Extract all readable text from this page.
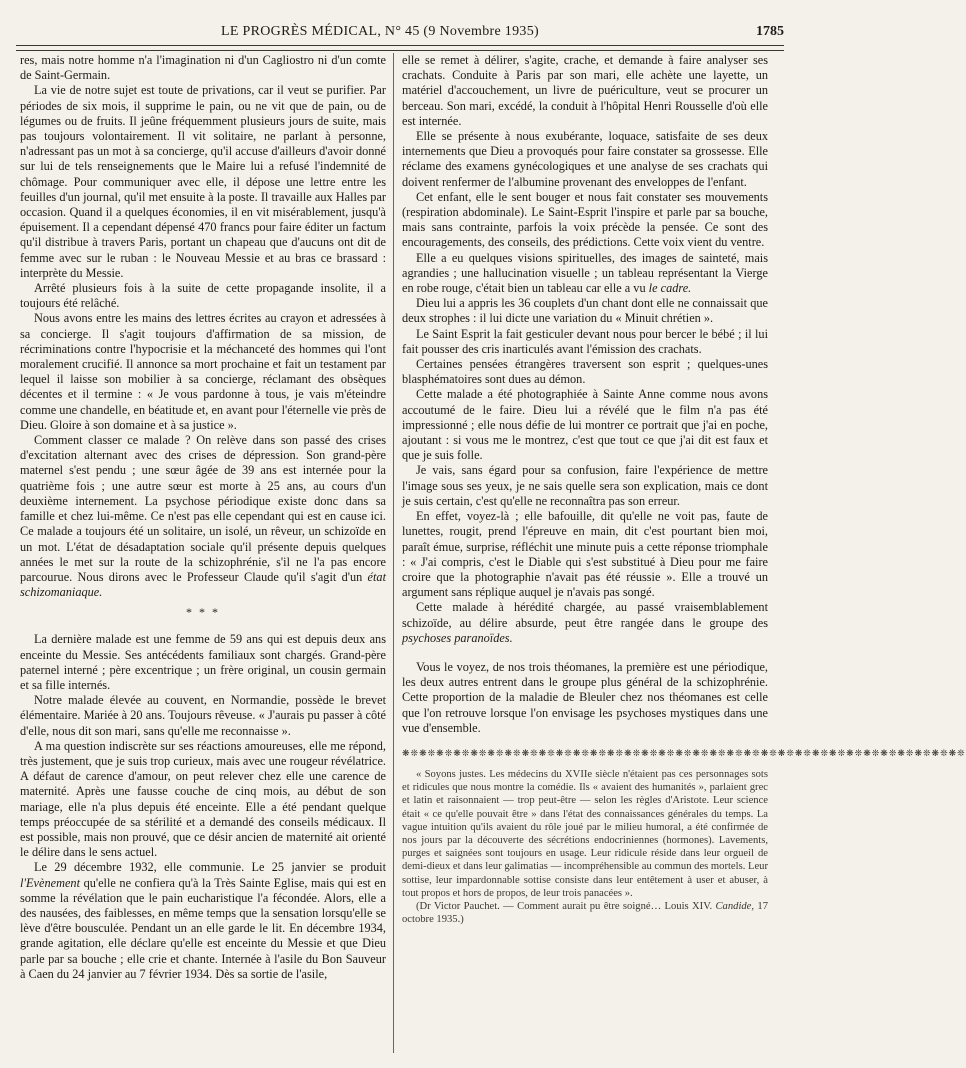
LE PROGRÈS MÉDICAL, N° 45 (9 Novembre 1935)	1785

res, mais notre homme n'a l'imagination ni d'un Cagliostro ni d'un comte de Saint-Germain.

La vie de notre sujet est toute de privations, car il veut se purifier. Par périodes de six mois, il supprime le pain, ou ne vit que de pain, ou de légumes ou de fruits. Il jeûne fréquemment plusieurs jours de suite, mais pas toujours volontairement. Il vit solitaire, ne parlant à personne, n'adressant pas un mot à sa concierge, qu'il accuse d'ailleurs d'avoir donné sur lui de tels renseignements que le Maire lui a refusé l'indemnité de chômage. Pour communiquer avec elle, il dépose une lettre entre les feuilles d'un journal, qu'il met ensuite à la poste. Il travaille aux Halles par occasion. Quand il a quelques économies, il en vit misérablement, jusqu'à épuisement. Il a cependant dépensé 470 francs pour faire éditer un factum qu'il distribue à travers Paris, portant un chapeau que d'aucuns ont dit de femme avec sur le ruban : le Nouveau Messie et au bras ce brassard : interprète du Messie.

Arrêté plusieurs fois à la suite de cette propagande insolite, il a toujours été relâché.

Nous avons entre les mains des lettres écrites au crayon et adressées à sa concierge. Il s'agit toujours d'affirmation de sa mission, de récriminations contre l'hypocrisie et la méchanceté des hommes qui l'ont moralement crucifié. Il annonce sa mort prochaine et fait un testament par lequel il laisse son mobilier à sa concierge, réclamant des obsèques décentes et il termine : « Je vous pardonne à tous, je vais m'éteindre comme une chandelle, en béatitude et, en avant pour l'éternelle vie près de Dieu. Gloire à son domaine et à sa justice ».

Comment classer ce malade ? On relève dans son passé des crises d'excitation alternant avec des crises de dépression. Son grand-père maternel s'est pendu ; une sœur âgée de 39 ans est internée pour la quatrième fois ; une autre sœur est morte à 25 ans, au cours d'un deuxième internement. La psychose périodique existe donc dans sa famille et chez lui-même. Ce n'est pas elle cependant qui est en cause ici. Ce malade a toujours été un solitaire, un isolé, un rêveur, un schizoïde en un mot. L'état de désadaptation sociale qu'il présente depuis quelques années le met sur la route de la schizophrénie, s'il ne l'a pas encore parcourue. Nous dirons avec le Professeur Claude qu'il s'agit d'un état schizomaniaque.

* * *

La dernière malade est une femme de 59 ans qui est depuis deux ans enceinte du Messie. Ses antécédents familiaux sont chargés. Grand-père paternel interné ; père excentrique ; un frère original, un cousin germain et sa fille internés.

Notre malade élevée au couvent, en Normandie, possède le brevet élémentaire. Mariée à 20 ans. Toujours rêveuse. « J'aurais pu passer à côté d'elle, nous dit son mari, sans qu'elle me reconnaisse ».

A ma question indiscrète sur ses réactions amoureuses, elle me répond, très justement, que je suis trop curieux, mais avec une rougeur révélatrice. A défaut de carence d'amour, on peut relever chez elle une carence de maternité. Après une fausse couche de cinq mois, au début de son mariage, elle n'a plus depuis été enceinte. Elle a été pendant quelque temps préoccupée de sa stérilité et a demandé des conseils médicaux. Il est possible, mais non prouvé, que ce désir ancien de maternité ait orienté le délire dans le sens actuel.

Le 29 décembre 1932, elle communie. Le 25 janvier se produit l'Evènement qu'elle ne confiera qu'à la Très Sainte Eglise, mais qui est en somme la révélation que le pain eucharistique l'a fécondée. Alors, elle a des nausées, des faiblesses, en même temps que la sensation lorsqu'elle se lève d'être bousculée. Pendant un an elle garde le lit. En décembre 1934, grande agitation, elle déclare qu'elle est enceinte du Messie et que Dieu parle par sa bouche ; elle crie et chante. Internée à l'asile du Bon Sauveur à Caen du 24 janvier au 7 février 1934. Dès sa sortie de l'asile,

elle se remet à délirer, s'agite, crache, et demande à faire analyser ses crachats. Conduite à Paris par son mari, elle achète une layette, un matériel d'accouchement, un livre de puériculture, veut se procurer un berceau. Son mari, excédé, la conduit à l'hôpital Henri Rousselle d'où elle est internée.

Elle se présente à nous exubérante, loquace, satisfaite de ses deux internements que Dieu a provoqués pour faire constater sa grossesse. Elle réclame des examens gynécologiques et une analyse de ses crachats qui doivent renfermer de l'albumine provenant des enveloppes de l'enfant.

Cet enfant, elle le sent bouger et nous fait constater ses mouvements (respiration abdominale). Le Saint-Esprit l'inspire et parle par sa bouche, mais sans contrainte, parfois la voix précède la pensée. Ce sont des encouragements, des conseils, des prédictions. Cette voix vient du ventre.

Elle a eu quelques visions spirituelles, des images de sainteté, mais agrandies ; une hallucination visuelle ; un tableau représentant la Vierge en robe rouge, c'était bien un tableau car elle a vu le cadre.

Dieu lui a appris les 36 couplets d'un chant dont elle ne connaissait que deux strophes : il lui dicte une variation du « Minuit chrétien ».

Le Saint Esprit la fait gesticuler devant nous pour bercer le bébé ; il lui fait pousser des cris inarticulés avant l'émission des crachats.

Certaines pensées étrangères traversent son esprit ; quelques-unes blasphématoires sont dues au démon.

Cette malade a été photographiée à Sainte Anne comme nous avons accoutumé de le faire. Dieu lui a révélé que le film n'a pas été impressionné ; elle nous défie de lui montrer ce portrait que j'ai en poche, ajoutant : si vous me le montrez, c'est que tout ce que j'ai dit est faux et que je suis folle.

Je vais, sans égard pour sa confusion, faire l'expérience de mettre l'image sous ses yeux, je ne sais quelle sera son explication, mais ce dont je suis certain, c'est qu'elle ne reconnaîtra pas son erreur.

En effet, voyez-là ; elle bafouille, dit qu'elle ne voit pas, faute de lunettes, rougit, prend l'épreuve en main, dit c'est pourtant bien moi, paraît émue, surprise, réfléchit une minute puis a cette réponse triomphale : « J'ai compris, c'est le Diable qui s'est substitué à Dieu pour me faire croire que la photographie n'avait pas été réussie ». Elle a trouvé un argument sans réplique auquel je n'avais pas songé.

Cette malade à hérédité chargée, au passé vraisemblablement schizoïde, au délire absurde, peut être rangée dans le groupe des psychoses paranoïdes.

Vous le voyez, de nos trois théomanes, la première est une périodique, les deux autres entrent dans le groupe plus général de la schizophrénie. Cette proportion de la maladie de Bleuler chez nos théomanes est celle que l'on retrouve lorsque l'on envisage les psychoses mystiques dans une vue d'ensemble.

❋❊❋❊❋❊❋❊❋❊❋❊❋❊❋❊❋❊❋❊❋❊❋❊❋❊❋❊❋❊❋❊❋❊❋❊❋❊❋❊❋❊❋❊❋❊❋❊❋❊❋❊❋❊❋❊❋❊❋❊❋❊❋❊❋❊

« Soyons justes. Les médecins du XVIIe siècle n'étaient pas ces personnages sots et ridicules que nous montre la comédie. Ils « avaient des humanités », parlaient grec et latin et raisonnaient — trop peut-être — selon les règles d'Aristote. Leur science était « ce qu'elle pouvait être » dans l'état des connaissances générales du temps. La vague intuition qu'ils avaient du rôle joué par le milieu humoral, a été confirmée de nos jours par la découverte des sécrétions endocriniennes (hormones). Lavements, purges et saignées sont toujours en usage. Leur ridicule réside dans leur orgueil de demi-dieux et dans leur galimatias — incompréhensible au commun des mortels. Leur sottise, leur impardonnable sottise consiste dans leur entêtement à user et abuser, à tout propos et hors de propos, de leur trois panacées ».

(Dr Victor Pauchet. — Comment aurait pu être soigné… Louis XIV. Candide, 17 octobre 1935.)
